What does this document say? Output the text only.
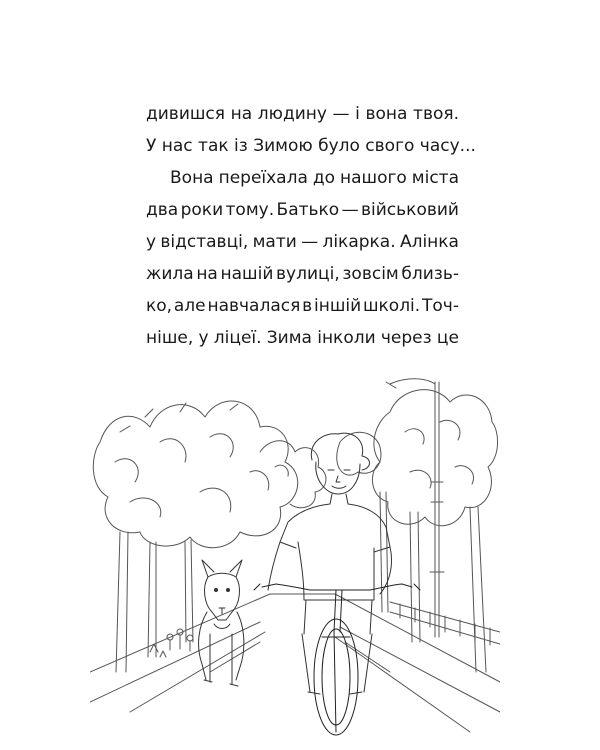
дивишся на людину — і вона твоя.
У нас так із Зимою було свого часу...
Вона переїхала до нашого міста
два роки тому. Батько — військовий
у відставці, мати — лікарка. Алінка
жила на нашій вулиці, зовсім близь-
ко, але навчалася в іншій школі. Точ-
ніше, у ліцеї. Зима інколи через це
